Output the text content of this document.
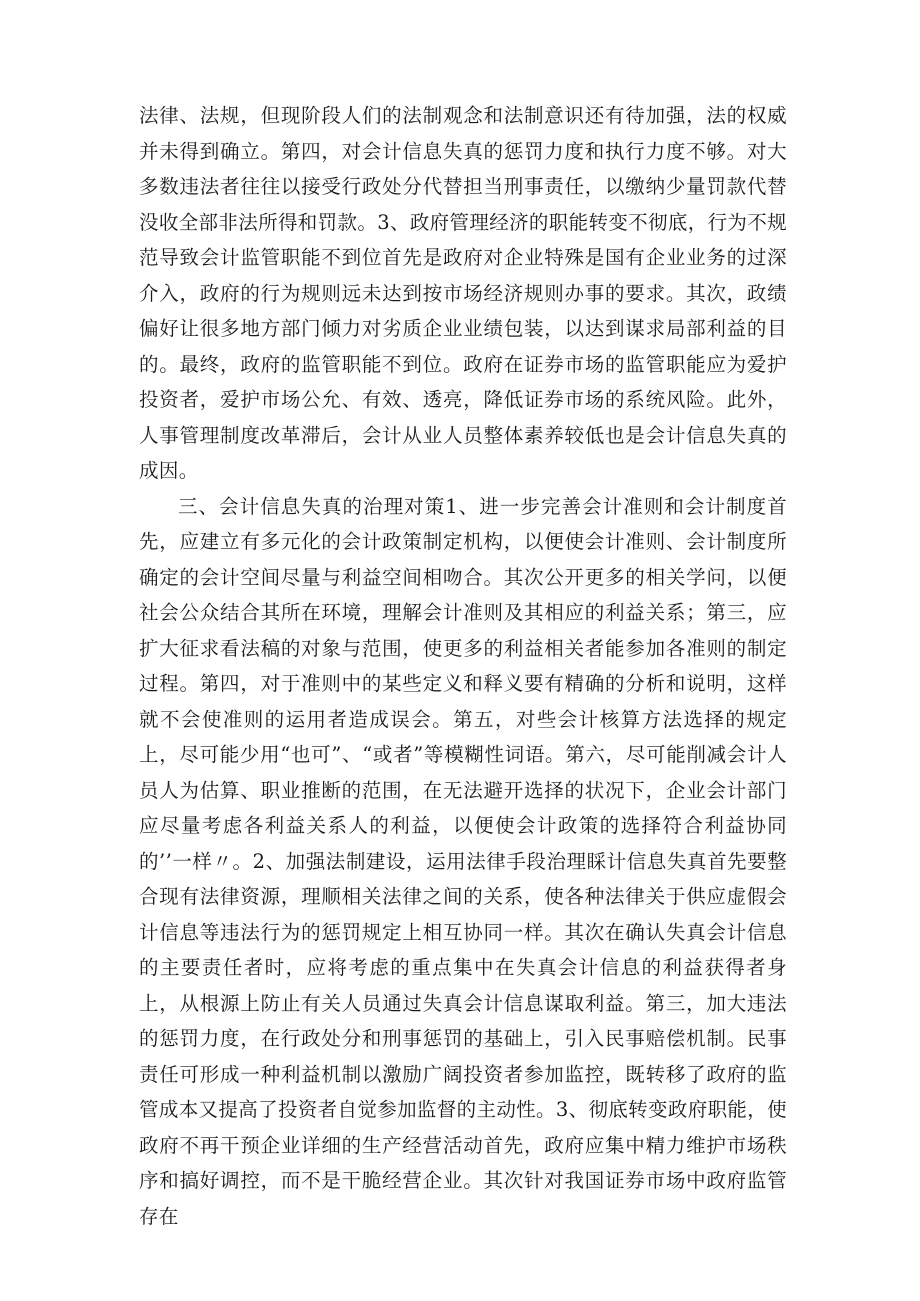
法律、法规，但现阶段人们的法制观念和法制意识还有待加强，法的权威并未得到确立。第四，对会计信息失真的惩罚力度和执行力度不够。对大多数违法者往往以接受行政处分代替担当刑事责任，以缴纳少量罚款代替没收全部非法所得和罚款。3、政府管理经济的职能转变不彻底，行为不规范导致会计监管职能不到位首先是政府对企业特殊是国有企业业务的过深介入，政府的行为规则远未达到按市场经济规则办事的要求。其次，政绩偏好让很多地方部门倾力对劣质企业业绩包装，以达到谋求局部利益的目的。最终，政府的监管职能不到位。政府在证券市场的监管职能应为爱护投资者，爱护市场公允、有效、透亮，降低证券市场的系统风险。此外，人事管理制度改革滞后，会计从业人员整体素养较低也是会计信息失真的成因。

三、会计信息失真的治理对策1、进一步完善会计准则和会计制度首先，应建立有多元化的会计政策制定机构，以便使会计准则、会计制度所确定的会计空间尽量与利益空间相吻合。其次公开更多的相关学问，以便社会公众结合其所在环境，理解会计准则及其相应的利益关系；第三，应扩大征求看法稿的对象与范围，使更多的利益相关者能参加各准则的制定过程。第四，对于准则中的某些定义和释义要有精确的分析和说明，这样就不会使准则的运用者造成误会。第五，对些会计核算方法选择的规定上，尽可能少用“也可”、“或者”等模糊性词语。第六，尽可能削减会计人员人为估算、职业推断的范围，在无法避开选择的状况下，企业会计部门应尽量考虑各利益关系人的利益，以便使会计政策的选择符合利益协同的’’一样〃。2、加强法制建设，运用法律手段治理睬计信息失真首先要整合现有法律资源，理顺相关法律之间的关系，使各种法律关于供应虚假会计信息等违法行为的惩罚规定上相互协同一样。其次在确认失真会计信息的主要责任者时，应将考虑的重点集中在失真会计信息的利益获得者身上，从根源上防止有关人员通过失真会计信息谋取利益。第三，加大违法的惩罚力度，在行政处分和刑事惩罚的基础上，引入民事赔偿机制。民事责任可形成一种利益机制以激励广阔投资者参加监控，既转移了政府的监管成本又提高了投资者自觉参加监督的主动性。3、彻底转变政府职能，使政府不再干预企业详细的生产经营活动首先，政府应集中精力维护市场秩序和搞好调控，而不是干脆经营企业。其次针对我国证券市场中政府监管存在
